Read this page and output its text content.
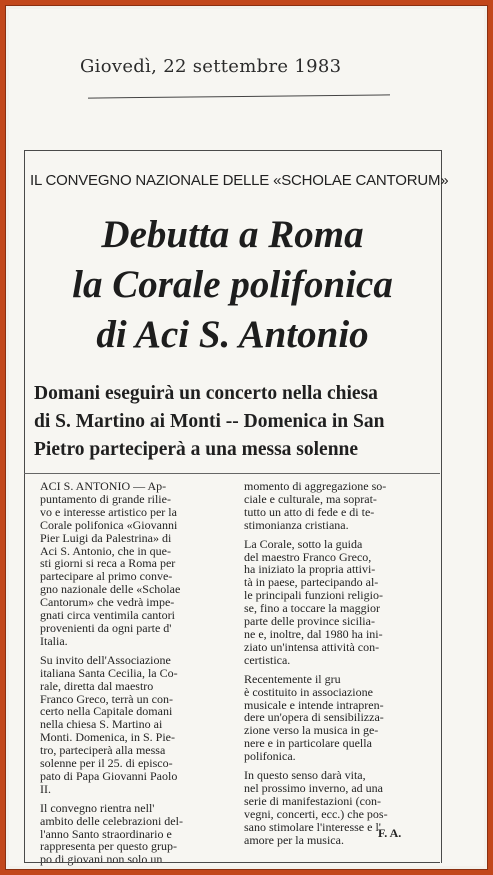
Giovedì, 22 settembre 1983
IL CONVEGNO NAZIONALE DELLE «SCHOLAE CANTORUM»
Debutta a Roma
la Corale polifonica
di Aci S. Antonio
Domani eseguirà un concerto nella chiesa
di S. Martino ai Monti -- Domenica in San
Pietro parteciperà a una messa solenne

ACI S. ANTONIO — Ap-
puntamento di grande rilie-
vo e interesse artistico per la
Corale polifonica «Giovanni
Pier Luigi da Palestrina» di
Aci S. Antonio, che in que-
sti giorni si reca a Roma per
partecipare al primo conve-
gno nazionale delle «Scholae
Cantorum» che vedrà impe-
gnati circa ventimila cantori
provenienti da ogni parte d'
Italia.

Su invito dell'Associazione
italiana Santa Cecilia, la Co-
rale, diretta dal maestro
Franco Greco, terrà un con-
certo nella Capitale domani
nella chiesa S. Martino ai
Monti. Domenica, in S. Pie-
tro, parteciperà alla messa
solenne per il 25. di episco-
pato di Papa Giovanni Paolo
II.

Il convegno rientra nell'
ambito delle celebrazioni del-
l'anno Santo straordinario e
rappresenta per questo grup-
po di giovani non solo un

momento di aggregazione so-
ciale e culturale, ma soprat-
tutto un atto di fede e di te-
stimonianza cristiana.

La Corale, sotto la guida
del maestro Franco Greco,
ha iniziato la propria attivi-
tà in paese, partecipando al-
le principali funzioni religio-
se, fino a toccare la maggior
parte delle province sicilia-
ne e, inoltre, dal 1980 ha ini-
ziato un'intensa attività con-
certistica.

Recentemente il gru
è costituito in associazione
musicale e intende intrapren-
dere un'opera di sensibilizza-
zione verso la musica in ge-
nere e in particolare quella
polifonica.

In questo senso darà vita,
nel prossimo inverno, ad una
serie di manifestazioni (con-
vegni, concerti, ecc.) che pos-
sano stimolare l'interesse e l'
amore per la musica.	F. A.
